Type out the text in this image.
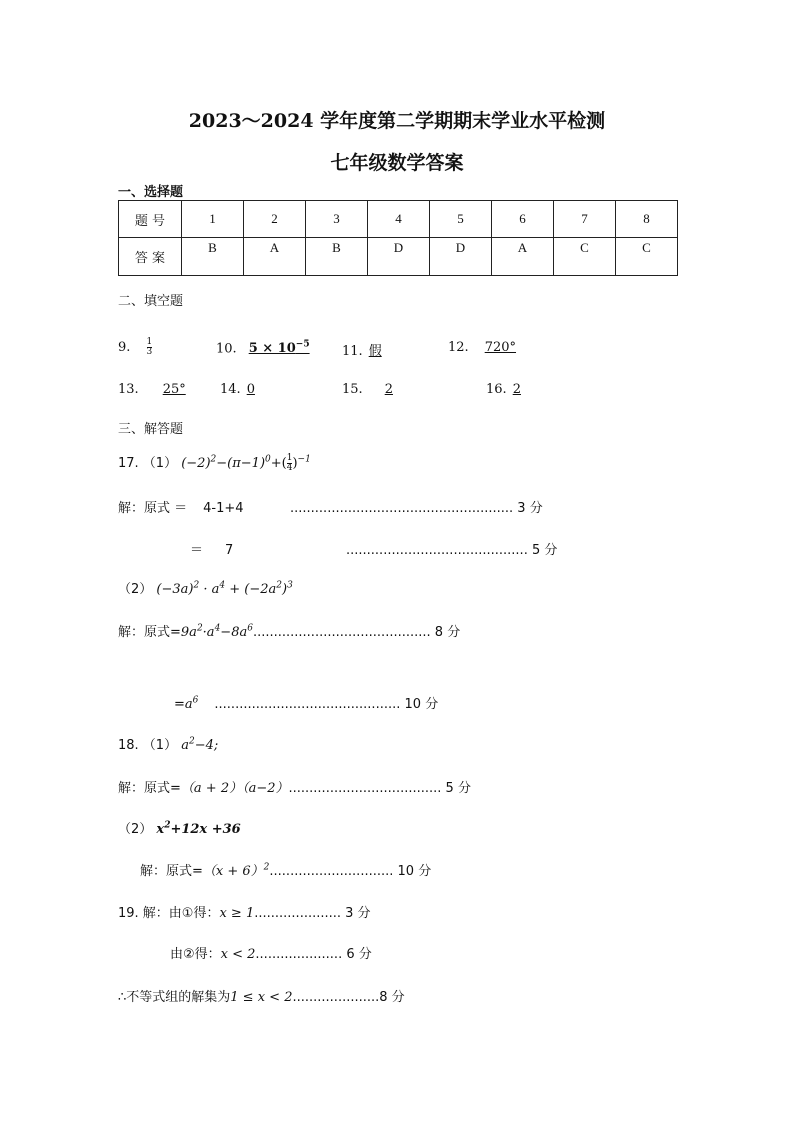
2023～2024 学年度第二学期期末学业水平检测
七年级数学答案
一、选择题
题 号	1	2	3	4	5	6	7	8
答 案	B	A	B	D	D	A	C	C
二、填空题
9. $\frac{1}{3}$	10. $5 \times 10^{-5}$	11. 假	12. 720°
13. 25°	14. 0	15. 2	16. 2
三、解答题
17. （1） $(-2)^2-(\pi-1)^0+( \frac{1}{4} )^{-1}$
解：原式 ＝ 4-1+4	...................................................... 3 分
＝ 7	............................................ 5 分
（2） $(-3a)^2 \cdot a^4 + (-2a^2)^3$
解：原式$=9a^2\cdot a^4-8a^6$........................................... 8 分
$=a^6$ ............................................. 10 分
18. （1） $a^2-4$;
解：原式=（a + 2）（a−2）..................................... 5 分
（2） $x^2+12x +36$
解：原式$=(x + 6)^2$.............................. 10 分
19. 解：由①得：x ≥ 1..................... 3 分
由②得：x < 2..................... 6 分
∴不等式组的解集为1 ≤ x < 2.....................8 分
